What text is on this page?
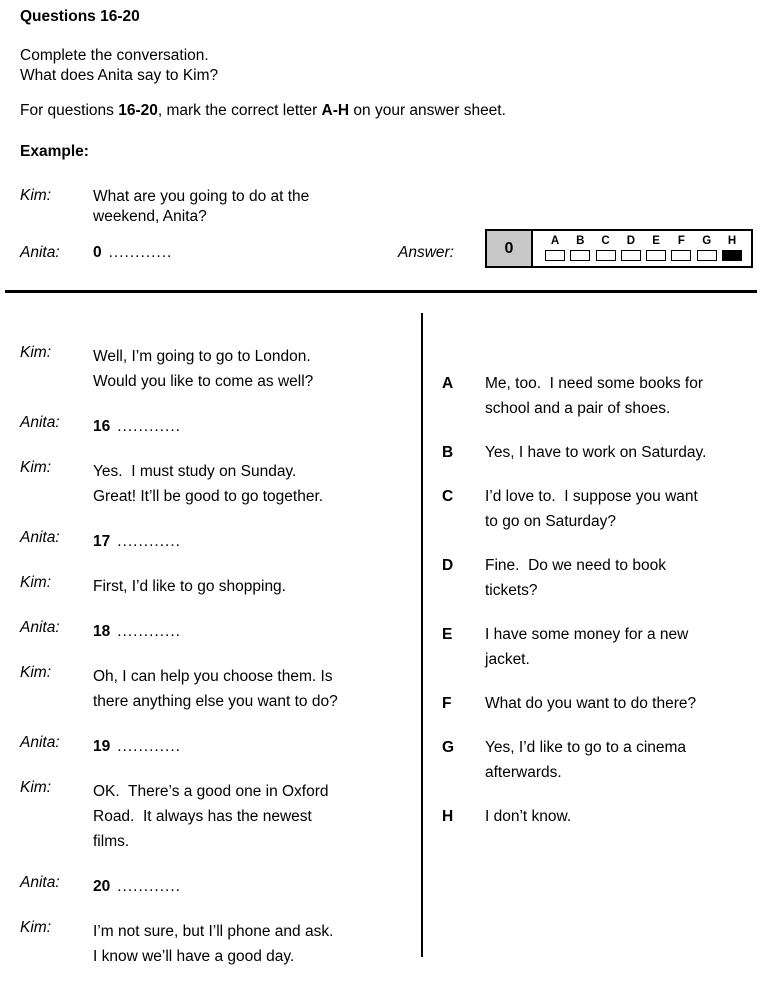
Questions 16-20
Complete the conversation.
What does Anita say to Kim?
For questions 16-20, mark the correct letter A-H on your answer sheet.
Example:
Kim:	What are you going to do at the
weekend, Anita?
Anita:	0 ............	Answer:	0	A B C D E F G H
Kim:	Well, I’m going to go to London.
Would you like to come as well?
Anita:	16 ............
Kim:	Yes.  I must study on Sunday.
Great! It’ll be good to go together.
Anita:	17 ............
Kim:	First, I’d like to go shopping.
Anita:	18 ............
Kim:	Oh, I can help you choose them. Is
there anything else you want to do?
Anita:	19 ............
Kim:	OK.  There’s a good one in Oxford
Road.  It always has the newest
films.
Anita:	20 ............
Kim:	I’m not sure, but I’ll phone and ask.
I know we’ll have a good day.
A	Me, too.  I need some books for
school and a pair of shoes.
B	Yes, I have to work on Saturday.
C	I’d love to.  I suppose you want
to go on Saturday?
D	Fine.  Do we need to book
tickets?
E	I have some money for a new
jacket.
F	What do you want to do there?
G	Yes, I’d like to go to a cinema
afterwards.
H	I don’t know.
